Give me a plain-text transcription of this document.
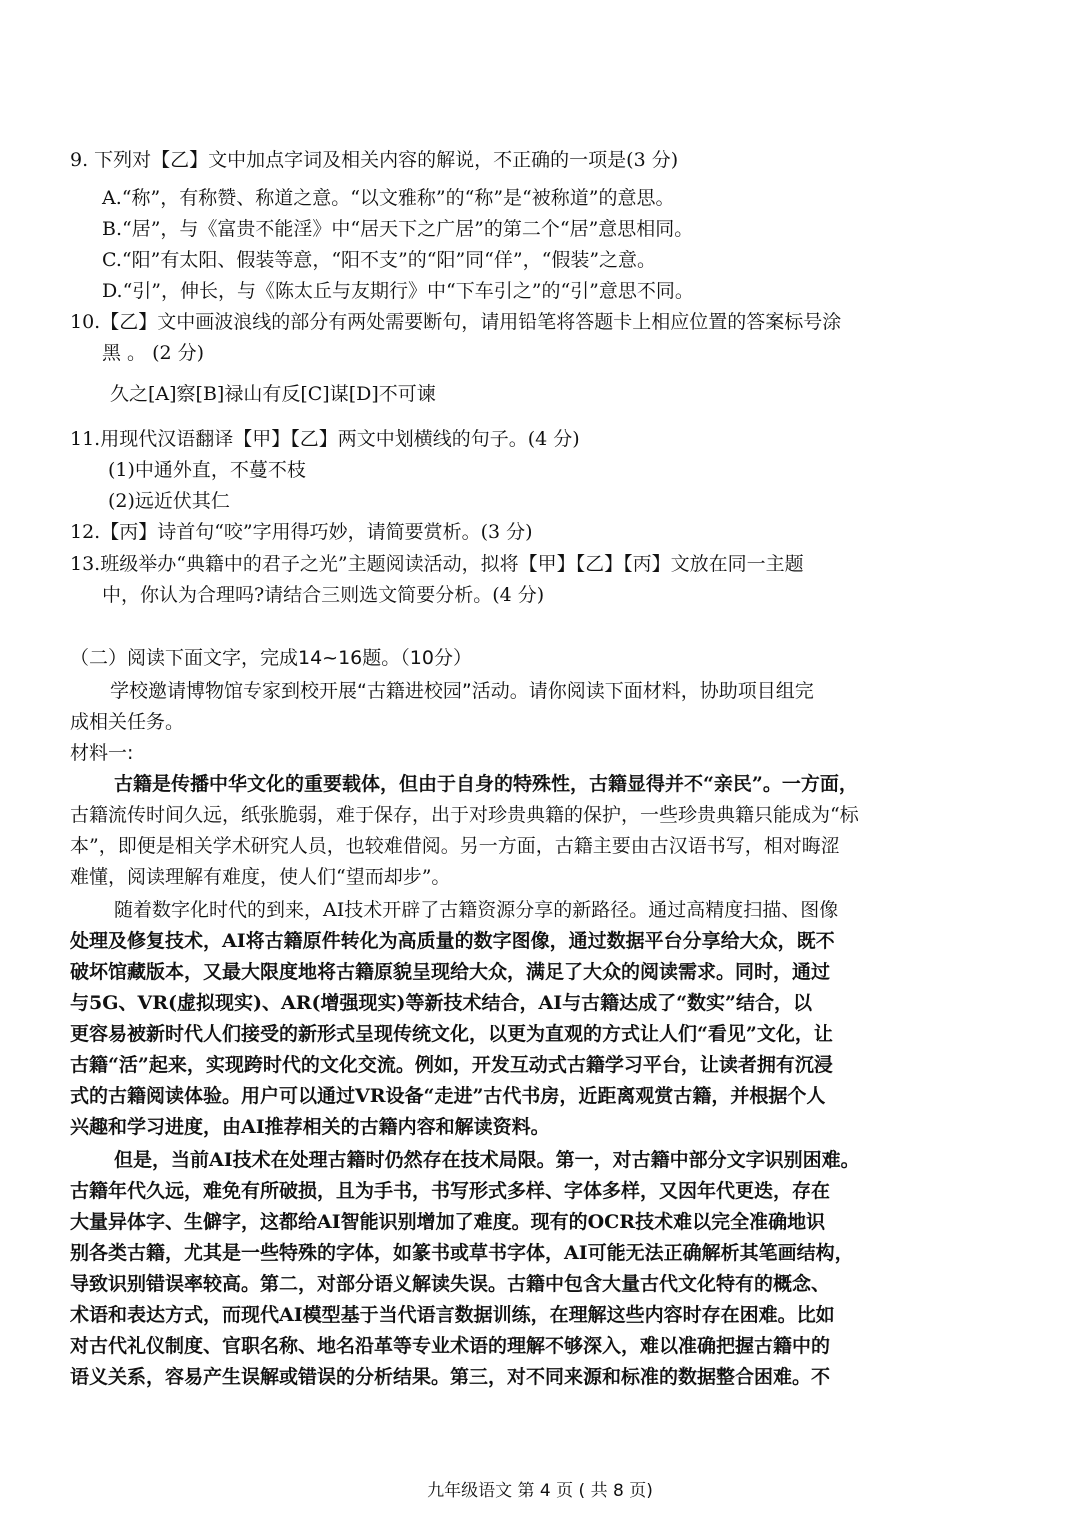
9. 下列对【乙】文中加点字词及相关内容的解说，不正确的一项是(3 分)
A.“称”，有称赞、称道之意。“以文雅称”的“称”是“被称道”的意思。
B.“居”，与《富贵不能淫》中“居天下之广居”的第二个“居”意思相同。
C.“阳”有太阳、假装等意，“阳不支”的“阳”同“佯”，“假装”之意。
D.“引”，伸长，与《陈太丘与友期行》中“下车引之”的“引”意思不同。
10.【乙】文中画波浪线的部分有两处需要断句，请用铅笔将答题卡上相应位置的答案标号涂
黑 。 (2 分)
久之[A]察[B]禄山有反[C]谋[D]不可谏
11.用现代汉语翻译【甲】【乙】两文中划横线的句子。(4 分)
(1)中通外直，不蔓不枝
(2)远近伏其仁
12.【丙】诗首句“咬”字用得巧妙，请简要赏析。(3 分)
13.班级举办“典籍中的君子之光”主题阅读活动，拟将【甲】【乙】【丙】文放在同一主题
中，你认为合理吗?请结合三则选文简要分析。(4 分)
（二）阅读下面文字，完成14~16题。（10分）
学校邀请博物馆专家到校开展“古籍进校园”活动。请你阅读下面材料，协助项目组完
成相关任务。
材料一:
古籍是传播中华文化的重要载体，但由于自身的特殊性，古籍显得并不“亲民”。一方面，
古籍流传时间久远，纸张脆弱，难于保存，出于对珍贵典籍的保护，一些珍贵典籍只能成为“标
本”，即便是相关学术研究人员，也较难借阅。另一方面，古籍主要由古汉语书写，相对晦涩
难懂，阅读理解有难度，使人们“望而却步”。
随着数字化时代的到来，AI技术开辟了古籍资源分享的新路径。通过高精度扫描、图像
处理及修复技术，AI将古籍原件转化为高质量的数字图像，通过数据平台分享给大众，既不
破坏馆藏版本，又最大限度地将古籍原貌呈现给大众，满足了大众的阅读需求。同时，通过
与5G、VR(虚拟现实)、AR(增强现实)等新技术结合，AI与古籍达成了“数实”结合，以
更容易被新时代人们接受的新形式呈现传统文化，以更为直观的方式让人们“看见”文化，让
古籍“活”起来，实现跨时代的文化交流。例如，开发互动式古籍学习平台，让读者拥有沉浸
式的古籍阅读体验。用户可以通过VR设备“走进”古代书房，近距离观赏古籍，并根据个人
兴趣和学习进度，由AI推荐相关的古籍内容和解读资料。
但是，当前AI技术在处理古籍时仍然存在技术局限。第一，对古籍中部分文字识别困难。
古籍年代久远，难免有所破损，且为手书，书写形式多样、字体多样，又因年代更迭，存在
大量异体字、生僻字，这都给AI智能识别增加了难度。现有的OCR技术难以完全准确地识
别各类古籍，尤其是一些特殊的字体，如篆书或草书字体，AI可能无法正确解析其笔画结构，
导致识别错误率较高。第二，对部分语义解读失误。古籍中包含大量古代文化特有的概念、
术语和表达方式，而现代AI模型基于当代语言数据训练，在理解这些内容时存在困难。比如
对古代礼仪制度、官职名称、地名沿革等专业术语的理解不够深入，难以准确把握古籍中的
语义关系，容易产生误解或错误的分析结果。第三，对不同来源和标准的数据整合困难。不
九年级语文 第 4 页 ( 共 8 页)
